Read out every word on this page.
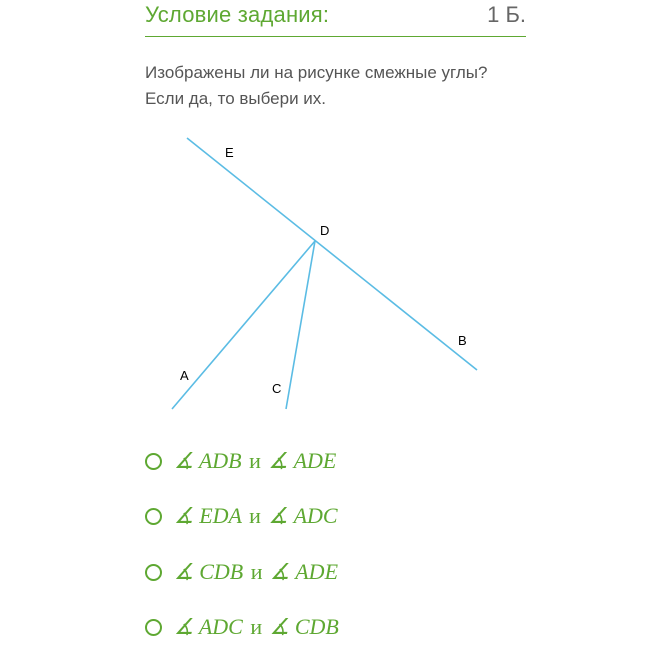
Условие задания:	1 Б.
Изображены ли на рисунке смежные углы?
Если да, то выбери их.
E
D
B
A
C
∡ ADB и ∡ ADE
∡ EDA и ∡ ADC
∡ CDB и ∡ ADE
∡ ADC и ∡ CDB
